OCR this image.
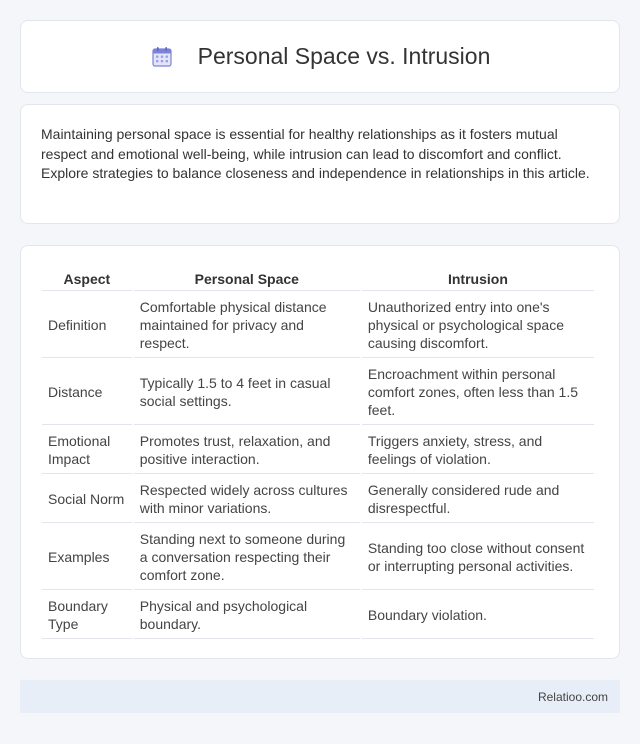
Personal Space vs. Intrusion

Maintaining personal space is essential for healthy relationships as it fosters mutual respect and emotional well-being, while intrusion can lead to discomfort and conflict. Explore strategies to balance closeness and independence in relationships in this article.

Aspect	Personal Space	Intrusion
Definition	Comfortable physical distance maintained for privacy and respect.	Unauthorized entry into one's physical or psychological space causing discomfort.
Distance	Typically 1.5 to 4 feet in casual social settings.	Encroachment within personal comfort zones, often less than 1.5 feet.
Emotional Impact	Promotes trust, relaxation, and positive interaction.	Triggers anxiety, stress, and feelings of violation.
Social Norm	Respected widely across cultures with minor variations.	Generally considered rude and disrespectful.
Examples	Standing next to someone during a conversation respecting their comfort zone.	Standing too close without consent or interrupting personal activities.
Boundary Type	Physical and psychological boundary.	Boundary violation.
Relatioo.com
